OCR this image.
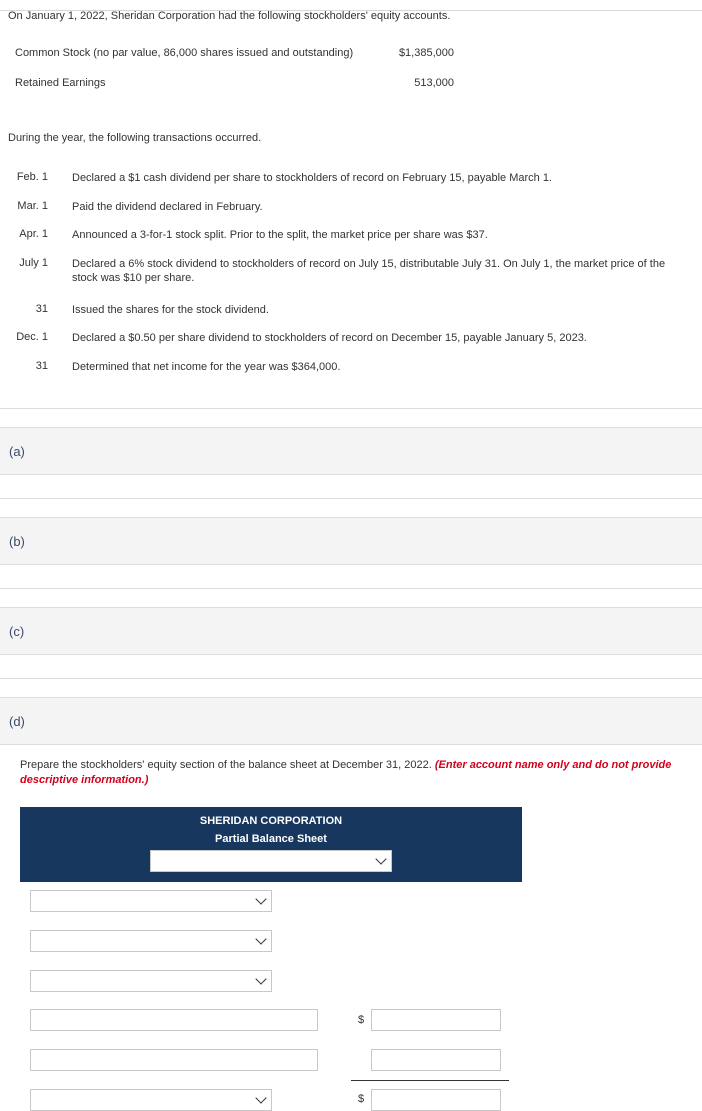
On January 1, 2022, Sheridan Corporation had the following stockholders' equity accounts.
Common Stock (no par value, 86,000 shares issued and outstanding)	$1,385,000
Retained Earnings	513,000
During the year, the following transactions occurred.
Feb. 1 Declared a $1 cash dividend per share to stockholders of record on February 15, payable March 1.
Mar. 1 Paid the dividend declared in February.
Apr. 1 Announced a 3-for-1 stock split. Prior to the split, the market price per share was $37.
July 1 Declared a 6% stock dividend to stockholders of record on July 15, distributable July 31. On July 1, the market price of the stock was $10 per share.
31 Issued the shares for the stock dividend.
Dec. 1 Declared a $0.50 per share dividend to stockholders of record on December 15, payable January 5, 2023.
31 Determined that net income for the year was $364,000.
(a)
(b)
(c)
(d)
Prepare the stockholders' equity section of the balance sheet at December 31, 2022. (Enter account name only and do not provide descriptive information.)
SHERIDAN CORPORATION
Partial Balance Sheet
$
$
